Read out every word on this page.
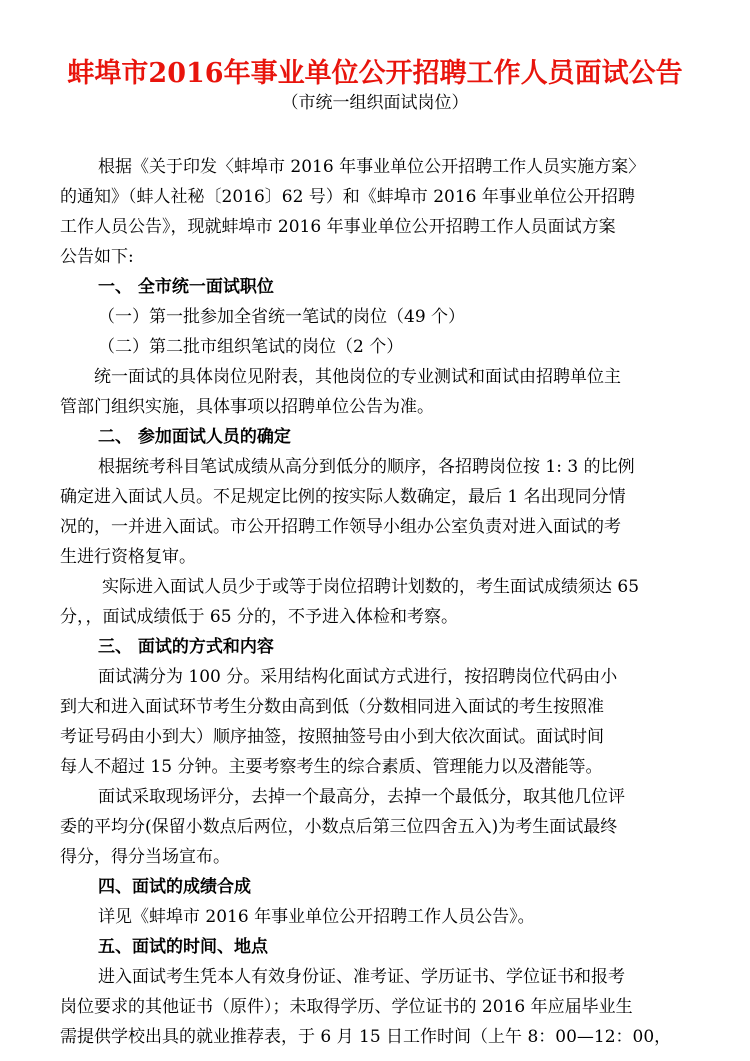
蚌埠市2016年事业单位公开招聘工作人员面试公告
（市统一组织面试岗位）
根据《关于印发〈蚌埠市 2016 年事业单位公开招聘工作人员实施方案〉
的通知》（蚌人社秘〔2016〕62 号）和《蚌埠市 2016 年事业单位公开招聘
工作人员公告》，现就蚌埠市 2016 年事业单位公开招聘工作人员面试方案
公告如下:
一、 全市统一面试职位
（一）第一批参加全省统一笔试的岗位（49 个）
（二）第二批市组织笔试的岗位（2 个）
统一面试的具体岗位见附表，其他岗位的专业测试和面试由招聘单位主
管部门组织实施，具体事项以招聘单位公告为准。
二、 参加面试人员的确定
根据统考科目笔试成绩从高分到低分的顺序，各招聘岗位按 1: 3 的比例
确定进入面试人员。不足规定比例的按实际人数确定，最后 1 名出现同分情
况的，一并进入面试。市公开招聘工作领导小组办公室负责对进入面试的考
生进行资格复审。
实际进入面试人员少于或等于岗位招聘计划数的，考生面试成绩须达 65
分，，面试成绩低于 65 分的，不予进入体检和考察。
三、 面试的方式和内容
面试满分为 100 分。采用结构化面试方式进行，按招聘岗位代码由小
到大和进入面试环节考生分数由高到低（分数相同进入面试的考生按照准
考证号码由小到大）顺序抽签，按照抽签号由小到大依次面试。面试时间
每人不超过 15 分钟。主要考察考生的综合素质、管理能力以及潜能等。
面试采取现场评分，去掉一个最高分，去掉一个最低分，取其他几位评
委的平均分(保留小数点后两位，小数点后第三位四舍五入)为考生面试最终
得分，得分当场宣布。
四、面试的成绩合成
详见《蚌埠市 2016 年事业单位公开招聘工作人员公告》。
五、面试的时间、地点
进入面试考生凭本人有效身份证、准考证、学历证书、学位证书和报考
岗位要求的其他证书（原件）；未取得学历、学位证书的 2016 年应届毕业生
需提供学校出具的就业推荐表，于 6 月 15 日工作时间（上午 8：00—12：00，
